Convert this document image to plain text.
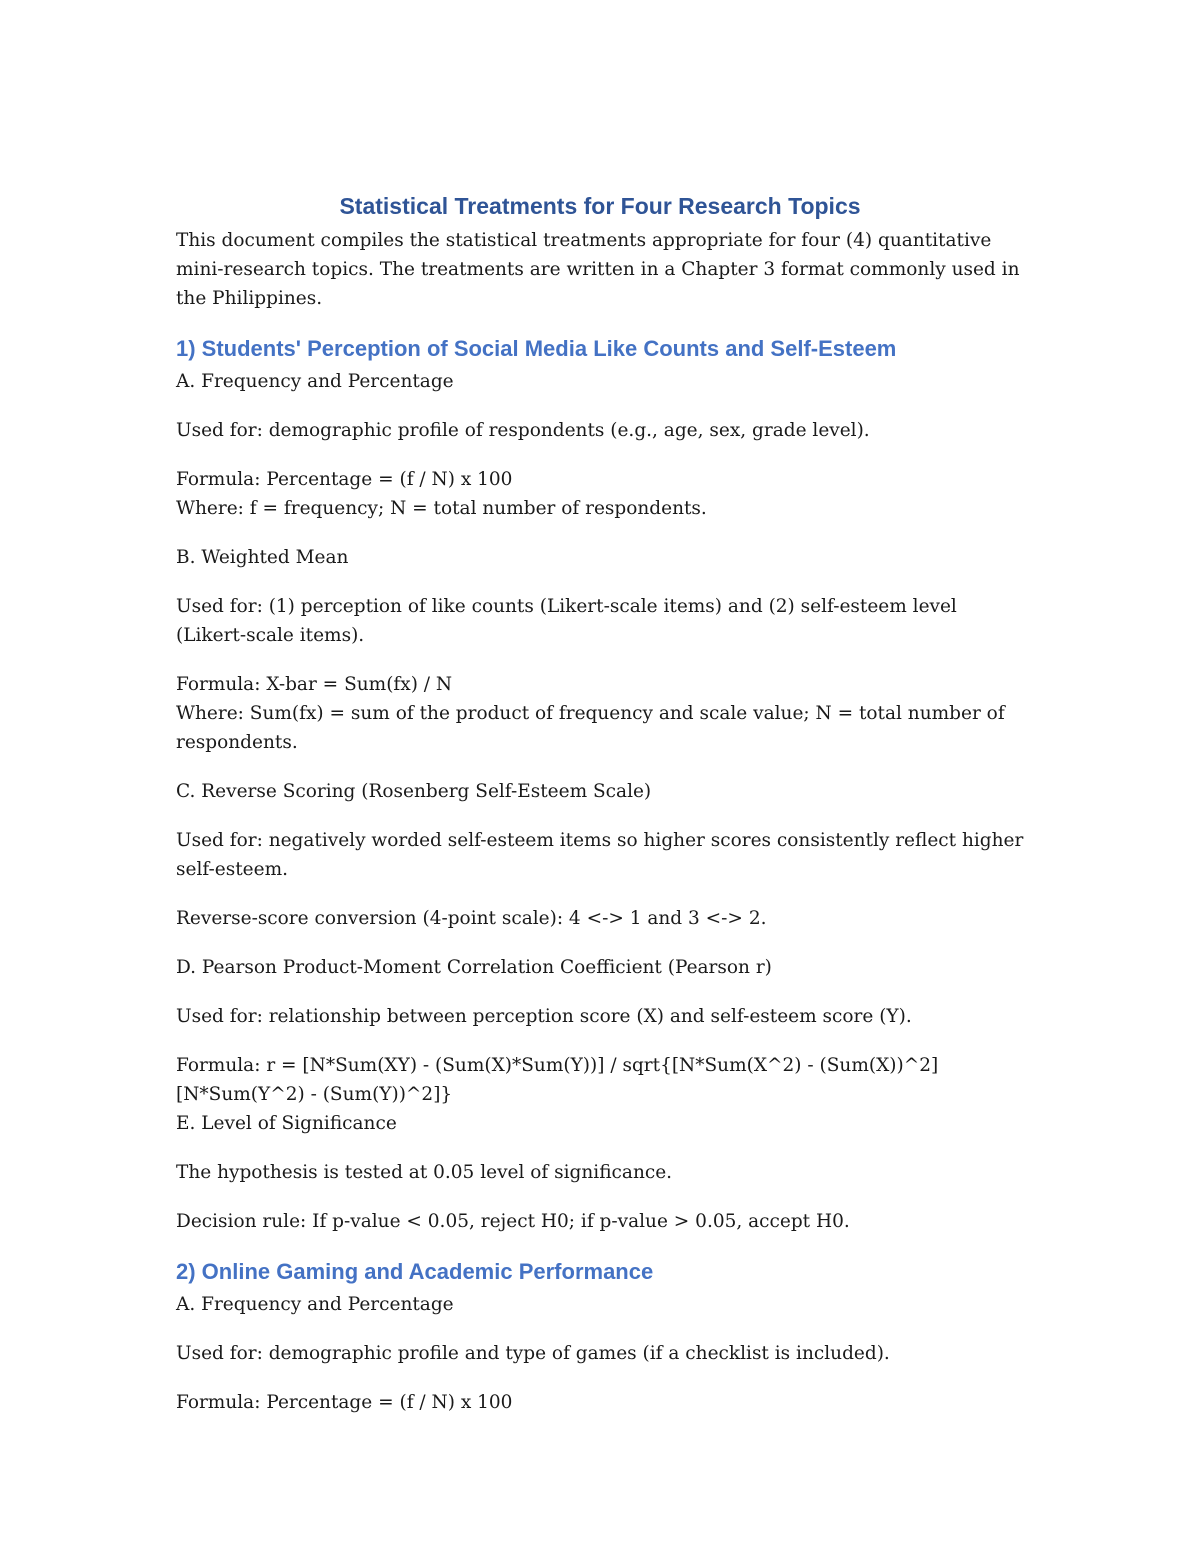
Statistical Treatments for Four Research Topics

This document compiles the statistical treatments appropriate for four (4) quantitative mini-research topics. The treatments are written in a Chapter 3 format commonly used in the Philippines.

1) Students' Perception of Social Media Like Counts and Self-Esteem

A. Frequency and Percentage

Used for: demographic profile of respondents (e.g., age, sex, grade level).

Formula: Percentage = (f / N) x 100
Where: f = frequency; N = total number of respondents.

B. Weighted Mean

Used for: (1) perception of like counts (Likert-scale items) and (2) self-esteem level (Likert-scale items).

Formula: X-bar = Sum(fx) / N
Where: Sum(fx) = sum of the product of frequency and scale value; N = total number of respondents.

C. Reverse Scoring (Rosenberg Self-Esteem Scale)

Used for: negatively worded self-esteem items so higher scores consistently reflect higher self-esteem.

Reverse-score conversion (4-point scale): 4 <-> 1 and 3 <-> 2.

D. Pearson Product-Moment Correlation Coefficient (Pearson r)

Used for: relationship between perception score (X) and self-esteem score (Y).

Formula: r = [N*Sum(XY) - (Sum(X)*Sum(Y))] / sqrt{[N*Sum(X^2) - (Sum(X))^2]
[N*Sum(Y^2) - (Sum(Y))^2]}

E. Level of Significance

The hypothesis is tested at 0.05 level of significance.

Decision rule: If p-value < 0.05, reject H0; if p-value > 0.05, accept H0.

2) Online Gaming and Academic Performance

A. Frequency and Percentage

Used for: demographic profile and type of games (if a checklist is included).

Formula: Percentage = (f / N) x 100
